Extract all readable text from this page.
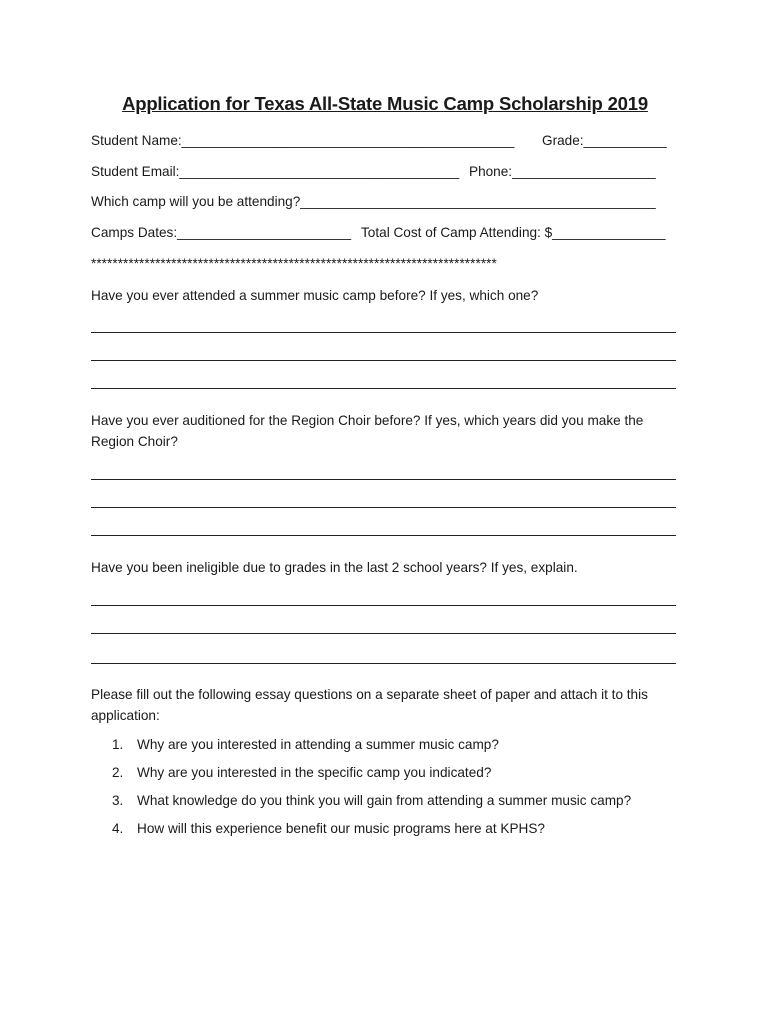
Application for Texas All-State Music Camp Scholarship 2019
Student Name:____________________________________________ Grade:___________
Student Email:_____________________________________ Phone:___________________
Which camp will you be attending?_______________________________________________
Camps Dates:_______________________ Total Cost of Camp Attending: $_______________
****************************************************************************
Have you ever attended a summer music camp before? If yes, which one?
Have you ever auditioned for the Region Choir before? If yes, which years did you make the Region Choir?
Have you been ineligible due to grades in the last 2 school years? If yes, explain.
Please fill out the following essay questions on a separate sheet of paper and attach it to this application:
1. Why are you interested in attending a summer music camp?
2. Why are you interested in the specific camp you indicated?
3. What knowledge do you think you will gain from attending a summer music camp?
4. How will this experience benefit our music programs here at KPHS?
